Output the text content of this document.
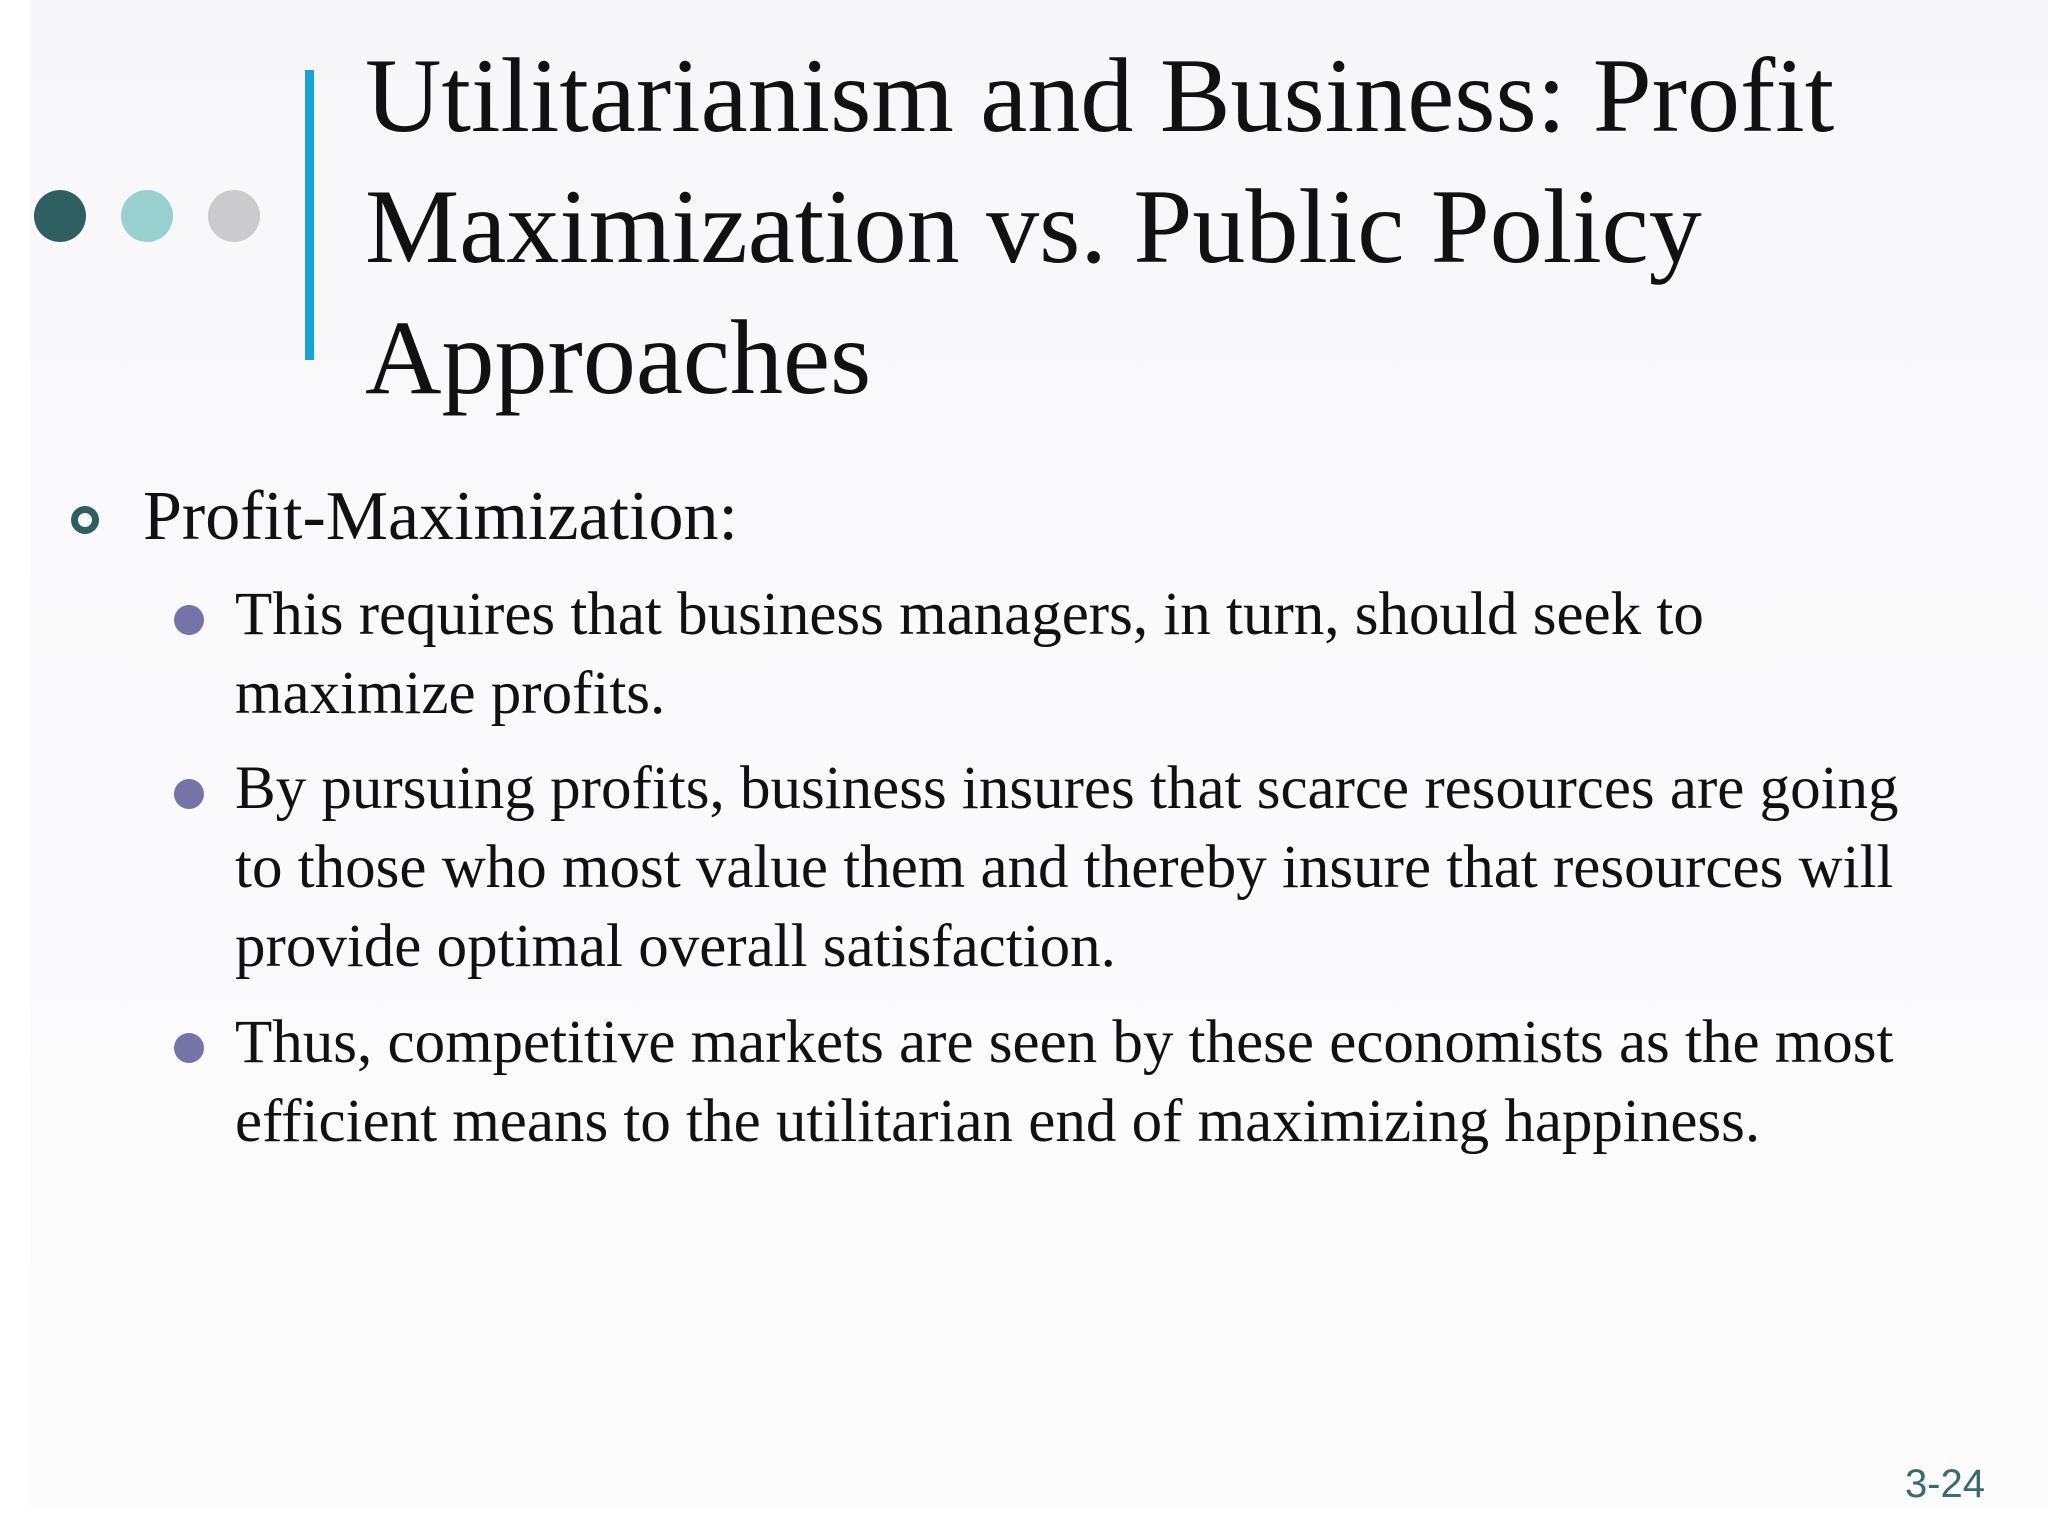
Utilitarianism and Business: Profit Maximization vs. Public Policy Approaches
Profit-Maximization:
This requires that business managers, in turn, should seek to maximize profits.
By pursuing profits, business insures that scarce resources are going to those who most value them and thereby insure that resources will provide optimal overall satisfaction.
Thus, competitive markets are seen by these economists as the most efficient means to the utilitarian end of maximizing happiness.
3-24
